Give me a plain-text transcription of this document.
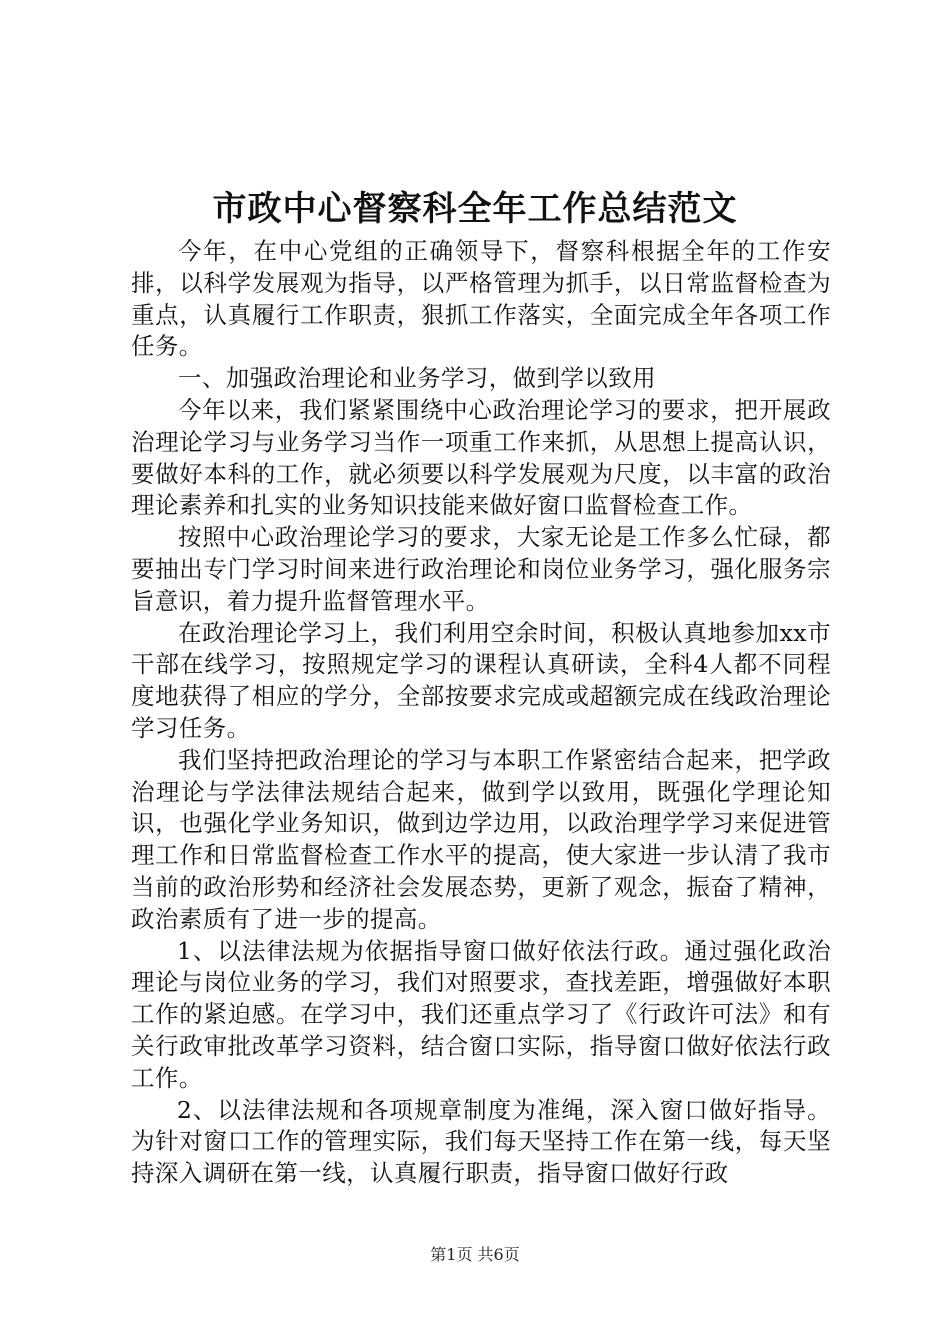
市政中心督察科全年工作总结范文

今年，在中心党组的正确领导下，督察科根据全年的工作安排，以科学发展观为指导，以严格管理为抓手，以日常监督检查为重点，认真履行工作职责，狠抓工作落实，全面完成全年各项工作任务。

一、加强政治理论和业务学习，做到学以致用

今年以来，我们紧紧围绕中心政治理论学习的要求，把开展政治理论学习与业务学习当作一项重工作来抓，从思想上提高认识，要做好本科的工作，就必须要以科学发展观为尺度，以丰富的政治理论素养和扎实的业务知识技能来做好窗口监督检查工作。

按照中心政治理论学习的要求，大家无论是工作多么忙碌，都要抽出专门学习时间来进行政治理论和岗位业务学习，强化服务宗旨意识，着力提升监督管理水平。

在政治理论学习上，我们利用空余时间，积极认真地参加xx市干部在线学习，按照规定学习的课程认真研读，全科4人都不同程度地获得了相应的学分，全部按要求完成或超额完成在线政治理论学习任务。

我们坚持把政治理论的学习与本职工作紧密结合起来，把学政治理论与学法律法规结合起来，做到学以致用，既强化学理论知识，也强化学业务知识，做到边学边用，以政治理学学习来促进管理工作和日常监督检查工作水平的提高，使大家进一步认清了我市当前的政治形势和经济社会发展态势，更新了观念，振奋了精神，政治素质有了进一步的提高。

1、以法律法规为依据指导窗口做好依法行政。通过强化政治理论与岗位业务的学习，我们对照要求，查找差距，增强做好本职工作的紧迫感。在学习中，我们还重点学习了《行政许可法》和有关行政审批改革学习资料，结合窗口实际，指导窗口做好依法行政工作。

2、以法律法规和各项规章制度为准绳，深入窗口做好指导。为针对窗口工作的管理实际，我们每天坚持工作在第一线，每天坚持深入调研在第一线，认真履行职责，指导窗口做好行政

第1页 共6页
